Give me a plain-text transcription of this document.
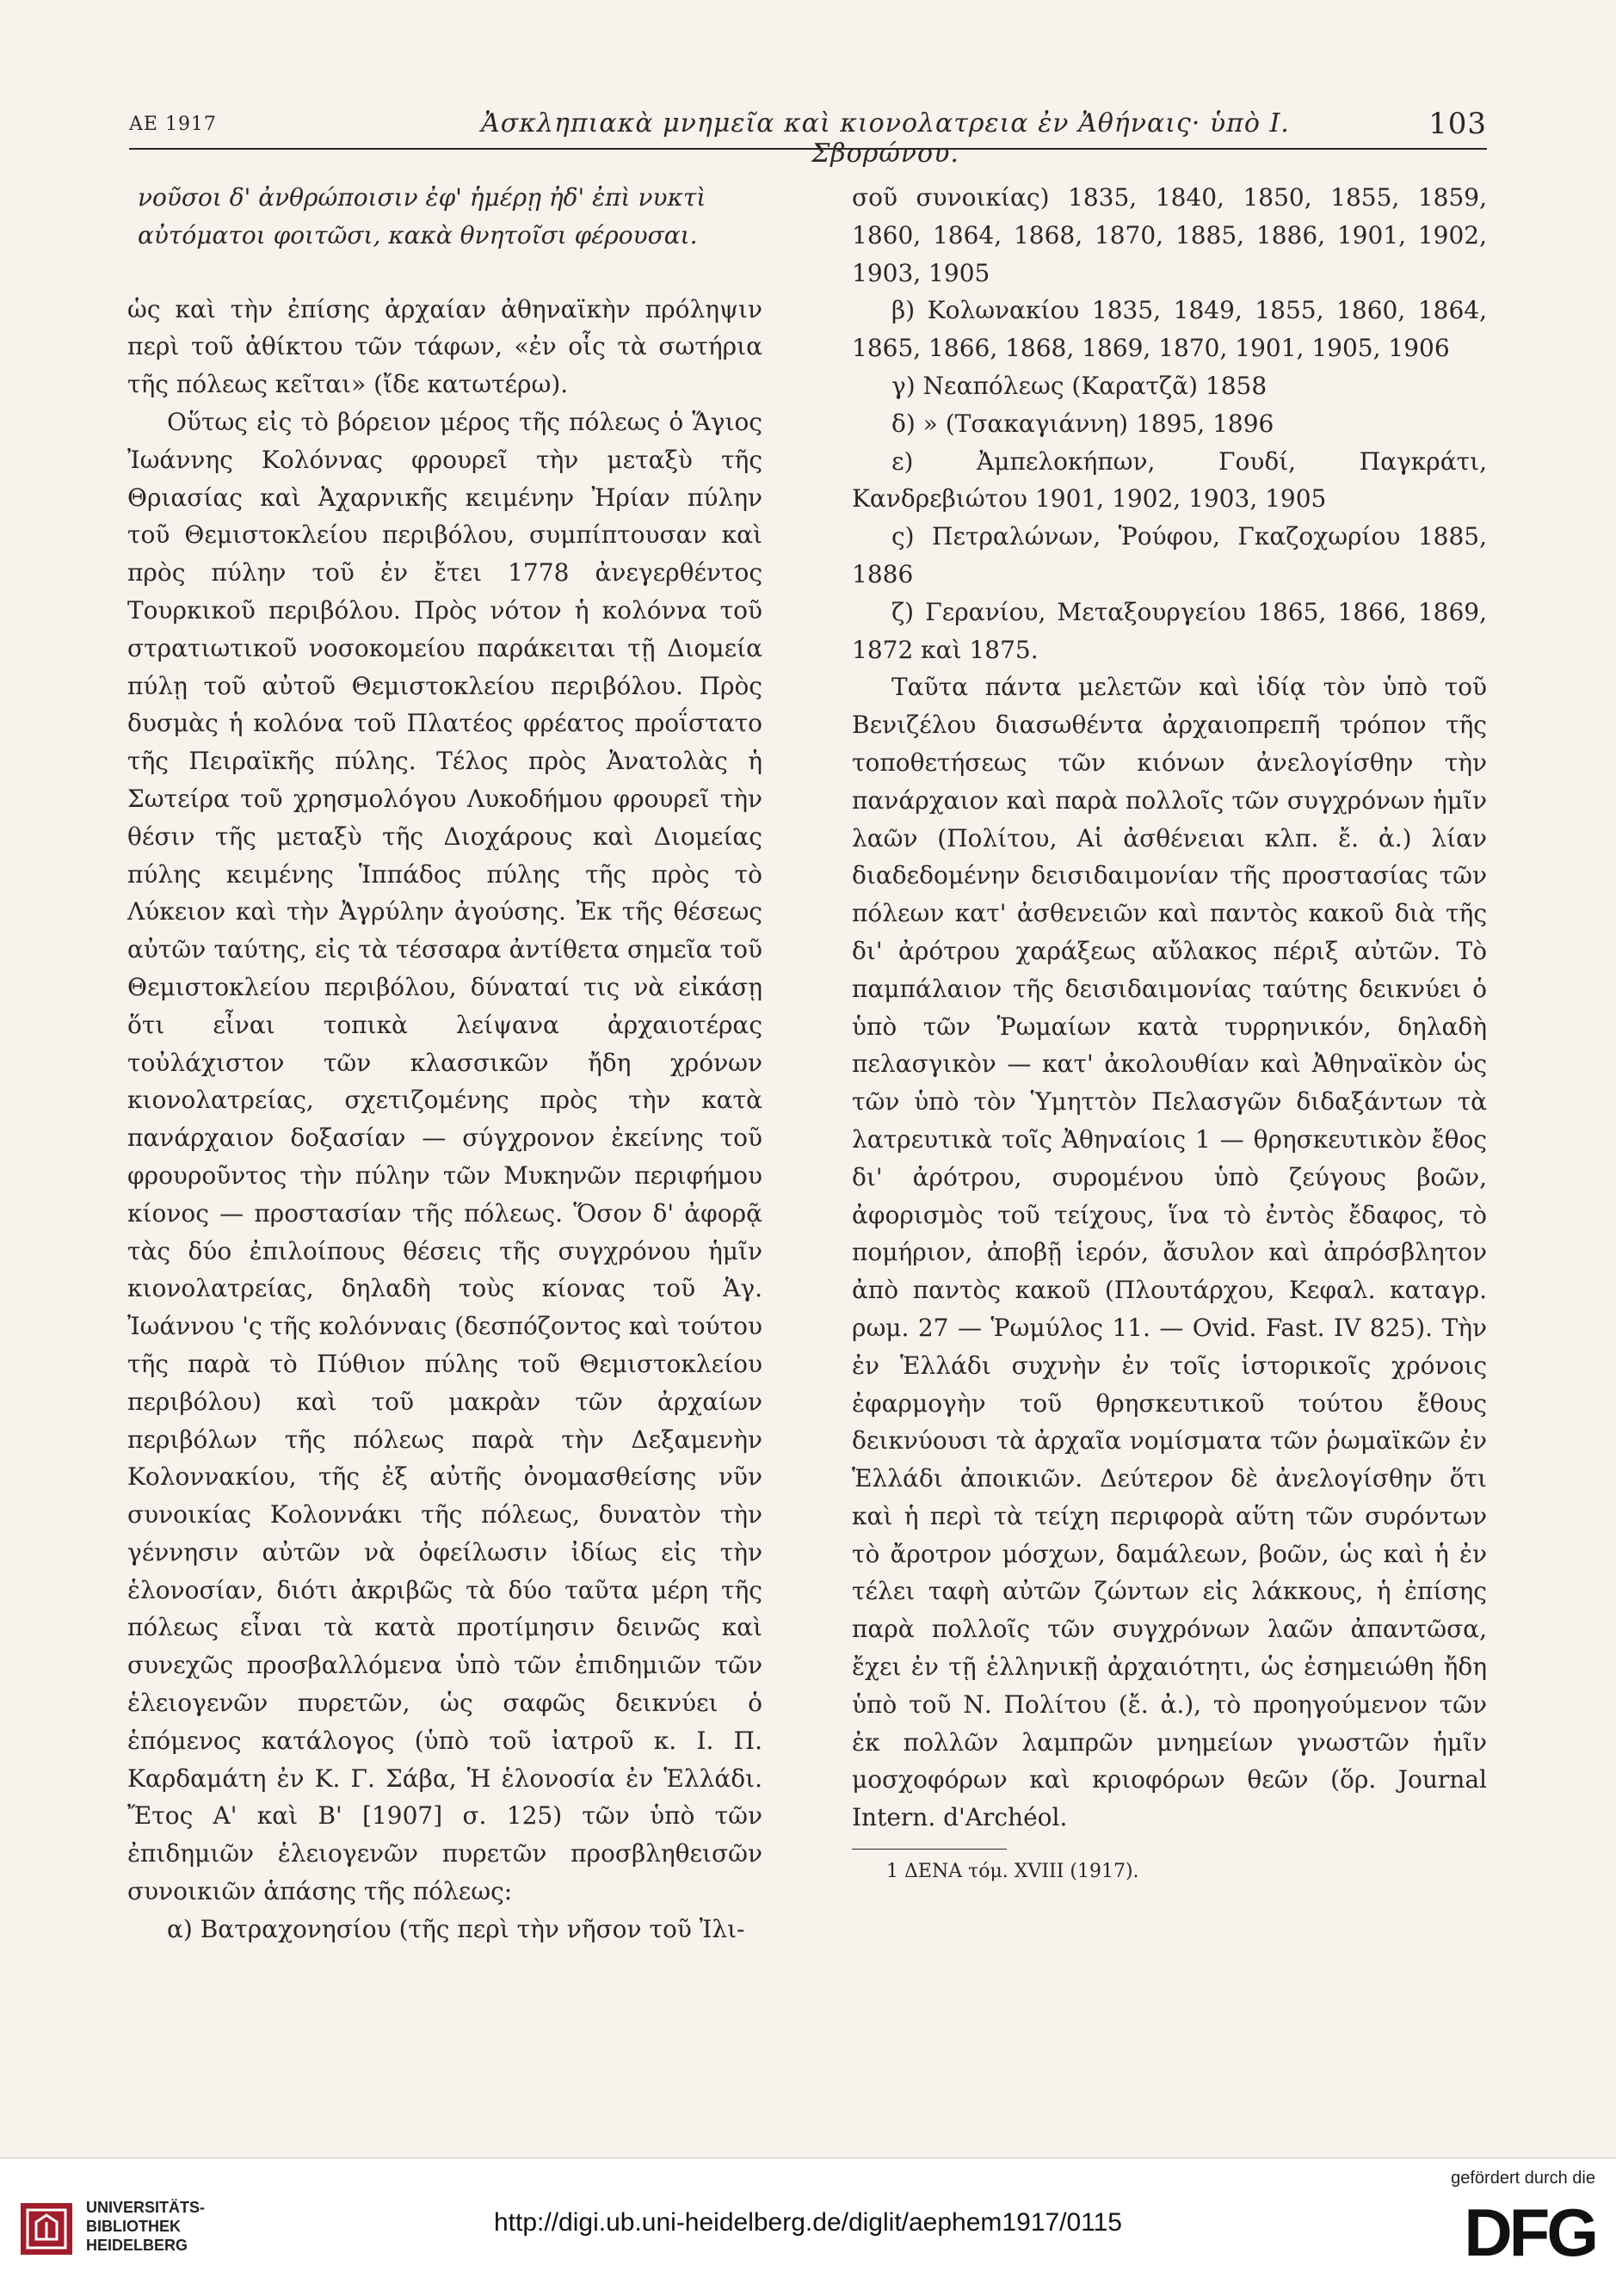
ΑΕ 1917	Ἀσκληπιακὰ μνημεῖα καὶ κιονολατρεια ἐν Ἀθήναις· ὑπὸ Ι. Σβορώνου.
103

νοῦσοι δ' ἀνθρώποισιν ἐφ' ἡμέρῃ ἠδ' ἐπὶ νυκτὶ

αὐτόματοι φοιτῶσι, κακὰ θνητοῖσι φέρουσαι.

ὡς καὶ τὴν ἐπίσης ἀρχαίαν ἀθηναϊκὴν πρόληψιν περὶ τοῦ ἀθίκτου τῶν τάφων, «ἐν οἷς τὰ σωτήρια τῆς πόλεως κεῖται» (ἴδε κατωτέρω).

Οὕτως εἰς τὸ βόρειον μέρος τῆς πόλεως ὁ Ἅγιος Ἰωάννης Κολόννας φρουρεῖ τὴν μεταξὺ τῆς Θριασίας καὶ Ἀχαρνικῆς κειμένην Ἠρίαν πύλην τοῦ Θεμιστοκλείου περιβόλου, συμπίπτουσαν καὶ πρὸς πύλην τοῦ ἐν ἔτει 1778 ἀνεγερθέντος Τουρκικοῦ περιβόλου. Πρὸς νότον ἡ κολόννα τοῦ στρατιωτικοῦ νοσοκομείου παράκειται τῇ Διομεία πύλῃ τοῦ αὐτοῦ Θεμιστοκλείου περιβόλου. Πρὸς δυσμὰς ἡ κολόνα τοῦ Πλατέος φρέατος προΐστατο τῆς Πειραϊκῆς πύλης. Τέλος πρὸς Ἀνατολὰς ἡ Σωτείρα τοῦ χρησμολόγου Λυκοδήμου φρουρεῖ τὴν θέσιν τῆς μεταξὺ τῆς Διοχάρους καὶ Διομείας πύλης κειμένης Ἱππάδος πύλης τῆς πρὸς τὸ Λύκειον καὶ τὴν Ἀγρύλην ἀγούσης. Ἐκ τῆς θέσεως αὐτῶν ταύτης, εἰς τὰ τέσσαρα ἀντίθετα σημεῖα τοῦ Θεμιστοκλείου περιβόλου, δύναταί τις νὰ εἰκάσῃ ὅτι εἶναι τοπικὰ λείψανα ἀρχαιοτέρας τοὐλάχιστον τῶν κλασσικῶν ἤδη χρόνων κιονολατρείας, σχετιζομένης πρὸς τὴν κατὰ πανάρχαιον δοξασίαν — σύγχρονον ἐκείνης τοῦ φρουροῦντος τὴν πύλην τῶν Μυκηνῶν περιφήμου κίονος — προστασίαν τῆς πόλεως. Ὅσον δ' ἀφορᾷ τὰς δύο ἐπιλοίπους θέσεις τῆς συγχρόνου ἡμῖν κιονολατρείας, δηλαδὴ τοὺς κίονας τοῦ Ἁγ. Ἰωάννου 'ς τῆς κολόνναις (δεσπόζοντος καὶ τούτου τῆς παρὰ τὸ Πύθιον πύλης τοῦ Θεμιστοκλείου περιβόλου) καὶ τοῦ μακρὰν τῶν ἀρχαίων περιβόλων τῆς πόλεως παρὰ τὴν Δεξαμενὴν Κολοννακίου, τῆς ἐξ αὐτῆς ὀνομασθείσης νῦν συνοικίας Κολοννάκι τῆς πόλεως, δυνατὸν τὴν γέννησιν αὐτῶν νὰ ὀφείλωσιν ἰδίως εἰς τὴν ἑλονοσίαν, διότι ἀκριβῶς τὰ δύο ταῦτα μέρη τῆς πόλεως εἶναι τὰ κατὰ προτίμησιν δεινῶς καὶ συνεχῶς προσβαλλόμενα ὑπὸ τῶν ἐπιδημιῶν τῶν ἑλειογενῶν πυρετῶν, ὡς σαφῶς δεικνύει ὁ ἑπόμενος κατάλογος (ὑπὸ τοῦ ἰατροῦ κ. Ι. Π. Καρδαμάτη ἐν Κ. Γ. Σάβα, Ἡ ἑλονοσία ἐν Ἑλλάδι. Ἔτος Α' καὶ Β' [1907] σ. 125) τῶν ὑπὸ τῶν ἐπιδημιῶν ἑλειογενῶν πυρετῶν προσβληθεισῶν συνοικιῶν ἁπάσης τῆς πόλεως:

α) Βατραχονησίου (τῆς περὶ τὴν νῆσον τοῦ Ἰλι-

σοῦ συνοικίας) 1835, 1840, 1850, 1855, 1859, 1860, 1864, 1868, 1870, 1885, 1886, 1901, 1902, 1903, 1905

β) Κολωνακίου 1835, 1849, 1855, 1860, 1864, 1865, 1866, 1868, 1869, 1870, 1901, 1905, 1906

γ) Νεαπόλεως (Καρατζᾶ) 1858

δ) » (Τσακαγιάννη) 1895, 1896

ε) Ἀμπελοκήπων, Γουδί, Παγκράτι, Κανδρεβιώτου 1901, 1902, 1903, 1905

ς) Πετραλώνων, Ῥούφου, Γκαζοχωρίου 1885, 1886

ζ) Γερανίου, Μεταξουργείου 1865, 1866, 1869, 1872 καὶ 1875.

Ταῦτα πάντα μελετῶν καὶ ἰδίᾳ τὸν ὑπὸ τοῦ Βενιζέλου διασωθέντα ἀρχαιοπρεπῆ τρόπον τῆς τοποθετήσεως τῶν κιόνων ἀνελογίσθην τὴν πανάρχαιον καὶ παρὰ πολλοῖς τῶν συγχρόνων ἡμῖν λαῶν (Πολίτου, Αἱ ἀσθένειαι κλπ. ἔ. ἀ.) λίαν διαδεδομένην δεισιδαιμονίαν τῆς προστασίας τῶν πόλεων κατ' ἀσθενειῶν καὶ παντὸς κακοῦ διὰ τῆς δι' ἀρότρου χαράξεως αὔλακος πέριξ αὐτῶν. Τὸ παμπάλαιον τῆς δεισιδαιμονίας ταύτης δεικνύει ὁ ὑπὸ τῶν Ῥωμαίων κατὰ τυρρηνικόν, δηλαδὴ πελασγικὸν — κατ' ἀκολουθίαν καὶ Ἀθηναϊκὸν ὡς τῶν ὑπὸ τὸν Ὑμηττὸν Πελασγῶν διδαξάντων τὰ λατρευτικὰ τοῖς Ἀθηναίοις 1 — θρησκευτικὸν ἔθος δι' ἀρότρου, συρομένου ὑπὸ ζεύγους βοῶν, ἀφορισμὸς τοῦ τείχους, ἵνα τὸ ἐντὸς ἔδαφος, τὸ πομήριον, ἀποβῇ ἱερόν, ἄσυλον καὶ ἀπρόσβλητον ἀπὸ παντὸς κακοῦ (Πλουτάρχου, Κεφαλ. καταγρ. ρωμ. 27 — Ῥωμύλος 11. — Ovid. Fast. IV 825). Τὴν ἐν Ἑλλάδι συχνὴν ἐν τοῖς ἱστορικοῖς χρόνοις ἐφαρμογὴν τοῦ θρησκευτικοῦ τούτου ἔθους δεικνύουσι τὰ ἀρχαῖα νομίσματα τῶν ῥωμαϊκῶν ἐν Ἑλλάδι ἀποικιῶν. Δεύτερον δὲ ἀνελογίσθην ὅτι καὶ ἡ περὶ τὰ τείχη περιφορὰ αὕτη τῶν συρόντων τὸ ἄροτρον μόσχων, δαμάλεων, βοῶν, ὡς καὶ ἡ ἐν τέλει ταφὴ αὐτῶν ζώντων εἰς λάκκους, ἡ ἐπίσης παρὰ πολλοῖς τῶν συγχρόνων λαῶν ἀπαντῶσα, ἔχει ἐν τῇ ἑλληνικῇ ἀρχαιότητι, ὡς ἐσημειώθη ἤδη ὑπὸ τοῦ Ν. Πολίτου (ἔ. ἀ.), τὸ προηγούμενον τῶν ἐκ πολλῶν λαμπρῶν μνημείων γνωστῶν ἡμῖν μοσχοφόρων καὶ κριοφόρων θεῶν (ὅρ. Journal Intern. d'Archéol.

1 ΔΕΝΑ τόμ. XVIII (1917).

UNIVERSITÄTS-
BIBLIOTHEK
HEIDELBERG
http://digi.ub.uni-heidelberg.de/diglit/aephem1917/0115
gefördert durch die
DFG
